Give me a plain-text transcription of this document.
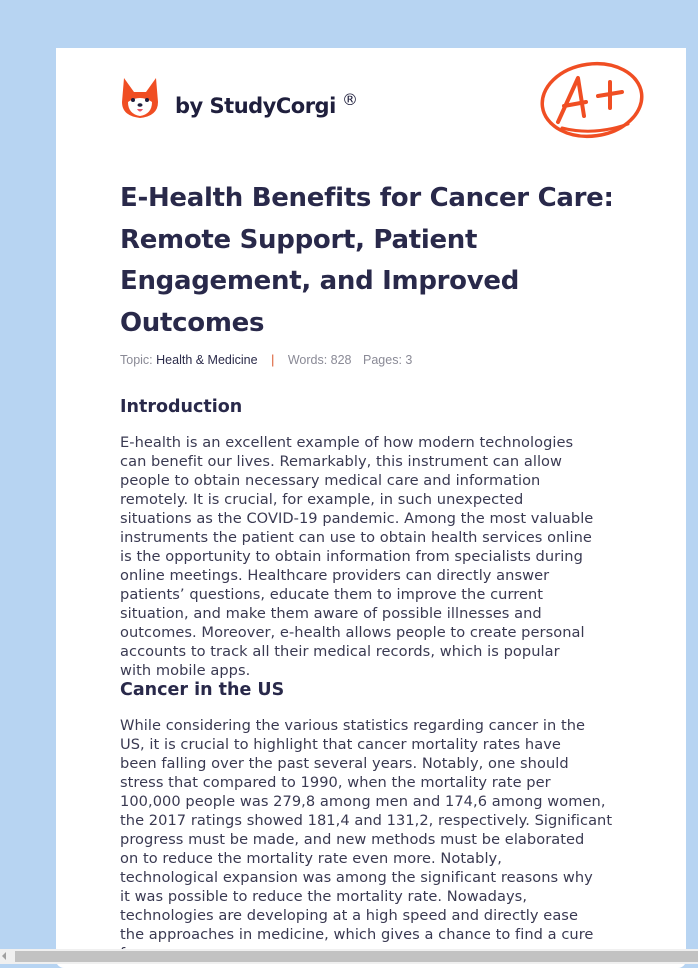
by StudyCorgi ®
E-Health Benefits for Cancer Care: Remote Support, Patient Engagement, and Improved Outcomes
Topic: Health & Medicine | Words: 828 Pages: 3
Introduction
E-health is an excellent example of how modern technologies
can benefit our lives. Remarkably, this instrument can allow
people to obtain necessary medical care and information
remotely. It is crucial, for example, in such unexpected
situations as the COVID-19 pandemic. Among the most valuable
instruments the patient can use to obtain health services online
is the opportunity to obtain information from specialists during
online meetings. Healthcare providers can directly answer
patients’ questions, educate them to improve the current
situation, and make them aware of possible illnesses and
outcomes. Moreover, e-health allows people to create personal
accounts to track all their medical records, which is popular
with mobile apps.
Cancer in the US
While considering the various statistics regarding cancer in the
US, it is crucial to highlight that cancer mortality rates have
been falling over the past several years. Notably, one should
stress that compared to 1990, when the mortality rate per
100,000 people was 279,8 among men and 174,6 among women,
the 2017 ratings showed 181,4 and 131,2, respectively. Significant
progress must be made, and new methods must be elaborated
on to reduce the mortality rate even more. Notably,
technological expansion was among the significant reasons why
it was possible to reduce the mortality rate. Nowadays,
technologies are developing at a high speed and directly ease
the approaches in medicine, which gives a chance to find a cure
